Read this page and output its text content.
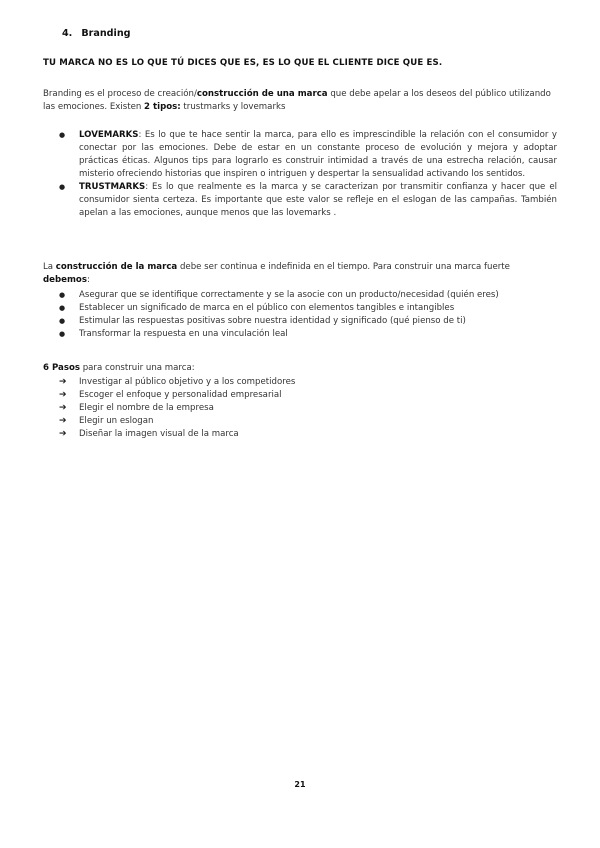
4. Branding
TU MARCA NO ES LO QUE TÚ DICES QUE ES, ES LO QUE EL CLIENTE DICE QUE ES.
Branding es el proceso de creación/construcción de una marca que debe apelar a los deseos del público utilizando las emociones. Existen 2 tipos: trustmarks y lovemarks
● LOVEMARKS: Es lo que te hace sentir la marca, para ello es imprescindible la relación con el consumidor y conectar por las emociones. Debe de estar en un constante proceso de evolución y mejora y adoptar prácticas éticas. Algunos tips para lograrlo es construir intimidad a través de una estrecha relación, causar misterio ofreciendo historias que inspiren o intriguen y despertar la sensualidad activando los sentidos.
● TRUSTMARKS: Es lo que realmente es la marca y se caracterizan por transmitir confianza y hacer que el consumidor sienta certeza. Es importante que este valor se refleje en el eslogan de las campañas. También apelan a las emociones, aunque menos que las lovemarks .
La construcción de la marca debe ser continua e indefinida en el tiempo. Para construir una marca fuerte debemos:
● Asegurar que se identifique correctamente y se la asocie con un producto/necesidad (quién eres)
● Establecer un significado de marca en el público con elementos tangibles e intangibles
● Estimular las respuestas positivas sobre nuestra identidad y significado (qué pienso de ti)
● Transformar la respuesta en una vinculación leal
6 Pasos para construir una marca:
➔ Investigar al público objetivo y a los competidores
➔ Escoger el enfoque y personalidad empresarial
➔ Elegir el nombre de la empresa
➔ Elegir un eslogan
➔ Diseñar la imagen visual de la marca
21
